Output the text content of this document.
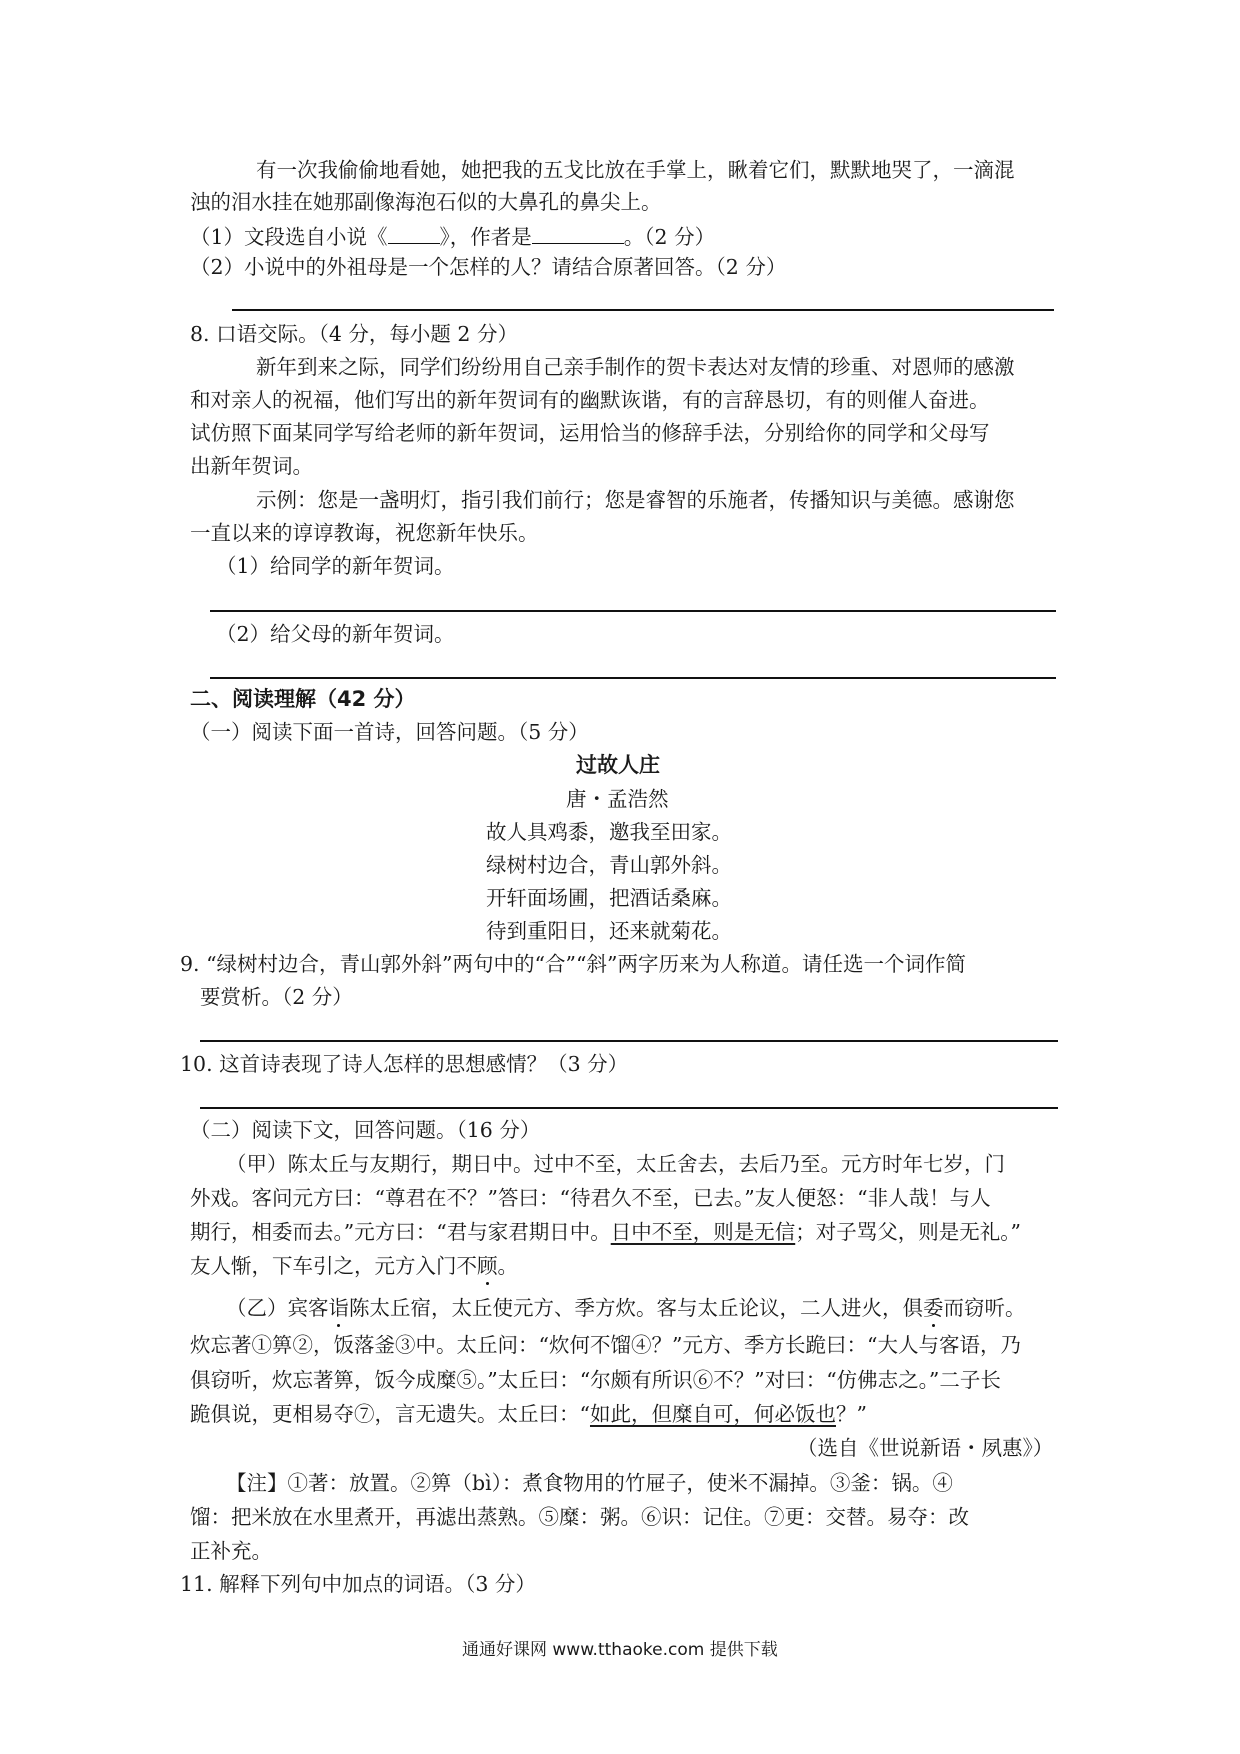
有一次我偷偷地看她，她把我的五戈比放在手掌上，瞅着它们，默默地哭了，一滴混
浊的泪水挂在她那副像海泡石似的大鼻孔的鼻尖上。
（1）文段选自小说《	》，作者是	。（2 分）
（2）小说中的外祖母是一个怎样的人？请结合原著回答。（2 分）
8. 口语交际。（4 分，每小题 2 分）
新年到来之际，同学们纷纷用自己亲手制作的贺卡表达对友情的珍重、对恩师的感激
和对亲人的祝福，他们写出的新年贺词有的幽默诙谐，有的言辞恳切，有的则催人奋进。
试仿照下面某同学写给老师的新年贺词，运用恰当的修辞手法，分别给你的同学和父母写
出新年贺词。
示例：您是一盏明灯，指引我们前行；您是睿智的乐施者，传播知识与美德。感谢您
一直以来的谆谆教诲，祝您新年快乐。
（1）给同学的新年贺词。
（2）给父母的新年贺词。
二、阅读理解（42 分）
（一）阅读下面一首诗，回答问题。（5 分）
过故人庄
唐・孟浩然
故人具鸡黍，邀我至田家。
绿树村边合，青山郭外斜。
开轩面场圃，把酒话桑麻。
待到重阳日，还来就菊花。
9. “绿树村边合，青山郭外斜”两句中的“合”“斜”两字历来为人称道。请任选一个词作简
要赏析。（2 分）
10. 这首诗表现了诗人怎样的思想感情？（3 分）
（二）阅读下文，回答问题。（16 分）
（甲）陈太丘与友期行，期日中。过中不至，太丘舍去，去后乃至。元方时年七岁，门
外戏。客问元方曰：“尊君在不？”答曰：“待君久不至，已去。”友人便怒：“非人哉！与人
期行，相委而去。”元方曰：“君与家君期日中。日中不至，则是无信；对子骂父，则是无礼。”
友人惭，下车引之，元方入门不顾。
（乙）宾客诣陈太丘宿，太丘使元方、季方炊。客与太丘论议，二人进火，俱委而窃听。
炊忘著①箅②，饭落釜③中。太丘问：“炊何不馏④？”元方、季方长跪曰：“大人与客语，乃
俱窃听，炊忘著箅，饭今成糜⑤。”太丘曰：“尔颇有所识⑥不？”对曰：“仿佛志之。”二子长
跪俱说，更相易夺⑦，言无遗失。太丘曰：“如此，但糜自可，何必饭也？”
（选自《世说新语・夙惠》）
【注】①著：放置。②箅（bì）：煮食物用的竹屉子，使米不漏掉。③釜：锅。④
馏：把米放在水里煮开，再滤出蒸熟。⑤糜：粥。⑥识：记住。⑦更：交替。易夺：改
正补充。
11. 解释下列句中加点的词语。（3 分）
通通好课网 www.tthaoke.com 提供下载
